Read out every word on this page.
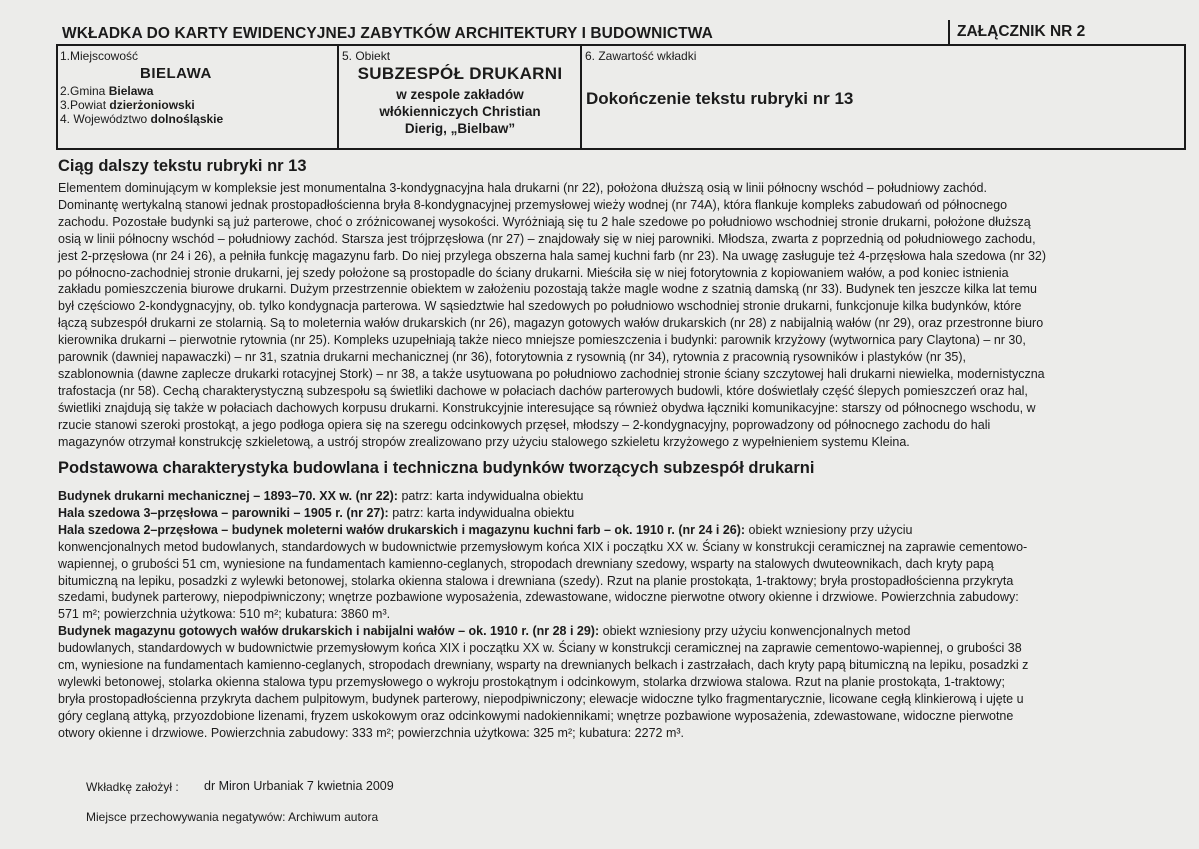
WKŁADKA DO KARTY EWIDENCYJNEJ ZABYTKÓW ARCHITEKTURY I BUDOWNICTWA	ZAŁĄCZNIK NR 2
1.Miejscowość
BIELAWA
2.Gmina Bielawa
3.Powiat dzierżoniowski
4. Województwo dolnośląskie
5. Obiekt
SUBZESPÓŁ DRUKARNI
w zespole zakładów
włókienniczych Christian
Dierig, „Bielbaw”
6. Zawartość wkładki
Dokończenie tekstu rubryki nr 13
Ciąg dalszy tekstu rubryki nr 13
Elementem dominującym w kompleksie jest monumentalna 3-kondygnacyjna hala drukarni (nr 22), położona dłuższą osią w linii północny wschód – południowy zachód.
Dominantę wertykalną stanowi jednak prostopadłościenna bryła 8-kondygnacyjnej przemysłowej wieży wodnej (nr 74A), która flankuje kompleks zabudowań od północnego
zachodu. Pozostałe budynki są już parterowe, choć o zróżnicowanej wysokości. Wyróżniają się tu 2 hale szedowe po południowo wschodniej stronie drukarni, położone dłuższą
osią w linii północny wschód – południowy zachód. Starsza jest trójprzęsłowa (nr 27) – znajdowały się w niej parowniki. Młodsza, zwarta z poprzednią od południowego zachodu,
jest 2-przęsłowa (nr 24 i 26), a pełniła funkcję magazynu farb. Do niej przylega obszerna hala samej kuchni farb (nr 23). Na uwagę zasługuje też 4-przęsłowa hala szedowa (nr 32)
po północno-zachodniej stronie drukarni, jej szedy położone są prostopadle do ściany drukarni. Mieściła się w niej fotorytownia z kopiowaniem wałów, a pod koniec istnienia
zakładu pomieszczenia biurowe drukarni. Dużym przestrzennie obiektem w założeniu pozostają także magle wodne z szatnią damską (nr 33). Budynek ten jeszcze kilka lat temu
był częściowo 2-kondygnacyjny, ob. tylko kondygnacja parterowa. W sąsiedztwie hal szedowych po południowo wschodniej stronie drukarni, funkcjonuje kilka budynków, które
łączą subzespół drukarni ze stolarnią. Są to moleternia wałów drukarskich (nr 26), magazyn gotowych wałów drukarskich (nr 28) z nabijalnią wałów (nr 29), oraz przestronne biuro
kierownika drukarni – pierwotnie rytownia (nr 25). Kompleks uzupełniają także nieco mniejsze pomieszczenia i budynki: parownik krzyżowy (wytwornica pary Claytona) – nr 30,
parownik (dawniej napawaczki) – nr 31, szatnia drukarni mechanicznej (nr 36), fotorytownia z rysownią (nr 34), rytownia z pracownią rysowników i plastyków (nr 35),
szablonownia (dawne zaplecze drukarki rotacyjnej Stork) – nr 38, a także usytuowana po południowo zachodniej stronie ściany szczytowej hali drukarni niewielka, modernistyczna
trafostacja (nr 58). Cechą charakterystyczną subzespołu są świetliki dachowe w połaciach dachów parterowych budowli, które doświetlały część ślepych pomieszczeń oraz hal,
świetliki znajdują się także w połaciach dachowych korpusu drukarni. Konstrukcyjnie interesujące są również obydwa łączniki komunikacyjne: starszy od północnego wschodu, w
rzucie stanowi szeroki prostokąt, a jego podłoga opiera się na szeregu odcinkowych przęseł, młodszy – 2-kondygnacyjny, poprowadzony od północnego zachodu do hali
magazynów otrzymał konstrukcję szkieletową, a ustrój stropów zrealizowano przy użyciu stalowego szkieletu krzyżowego z wypełnieniem systemu Kleina.
Podstawowa charakterystyka budowlana i techniczna budynków tworzących subzespół drukarni
Budynek drukarni mechanicznej – 1893–70. XX w. (nr 22): patrz: karta indywidualna obiektu
Hala szedowa 3–przęsłowa – parowniki – 1905 r. (nr 27): patrz: karta indywidualna obiektu
Hala szedowa 2–przęsłowa – budynek moleterni wałów drukarskich i magazynu kuchni farb – ok. 1910 r. (nr 24 i 26): obiekt wzniesiony przy użyciu
konwencjonalnych metod budowlanych, standardowych w budownictwie przemysłowym końca XIX i początku XX w. Ściany w konstrukcji ceramicznej na zaprawie cementowo-
wapiennej, o grubości 51 cm, wyniesione na fundamentach kamienno-ceglanych, stropodach drewniany szedowy, wsparty na stalowych dwuteownikach, dach kryty papą
bitumiczną na lepiku, posadzki z wylewki betonowej, stolarka okienna stalowa i drewniana (szedy). Rzut na planie prostokąta, 1-traktowy; bryła prostopadłościenna przykryta
szedami, budynek parterowy, niepodpiwniczony; wnętrze pozbawione wyposażenia, zdewastowane, widoczne pierwotne otwory okienne i drzwiowe. Powierzchnia zabudowy:
571 m²; powierzchnia użytkowa: 510 m²; kubatura: 3860 m³.
Budynek magazynu gotowych wałów drukarskich i nabijalni wałów – ok. 1910 r. (nr 28 i 29): obiekt wzniesiony przy użyciu konwencjonalnych metod
budowlanych, standardowych w budownictwie przemysłowym końca XIX i początku XX w. Ściany w konstrukcji ceramicznej na zaprawie cementowo-wapiennej, o grubości 38
cm, wyniesione na fundamentach kamienno-ceglanych, stropodach drewniany, wsparty na drewnianych belkach i zastrzałach, dach kryty papą bitumiczną na lepiku, posadzki z
wylewki betonowej, stolarka okienna stalowa typu przemysłowego o wykroju prostokątnym i odcinkowym, stolarka drzwiowa stalowa. Rzut na planie prostokąta, 1-traktowy;
bryła prostopadłościenna przykryta dachem pulpitowym, budynek parterowy, niepodpiwniczony; elewacje widoczne tylko fragmentarycznie, licowane cegłą klinkierową i ujęte u
góry ceglaną attyką, przyozdobione lizenami, fryzem uskokowym oraz odcinkowymi nadokiennikami; wnętrze pozbawione wyposażenia, zdewastowane, widoczne pierwotne
otwory okienne i drzwiowe. Powierzchnia zabudowy: 333 m²; powierzchnia użytkowa: 325 m²; kubatura: 2272 m³.
Wkładkę założył : dr Miron Urbaniak 7 kwietnia 2009
Miejsce przechowywania negatywów: Archiwum autora
